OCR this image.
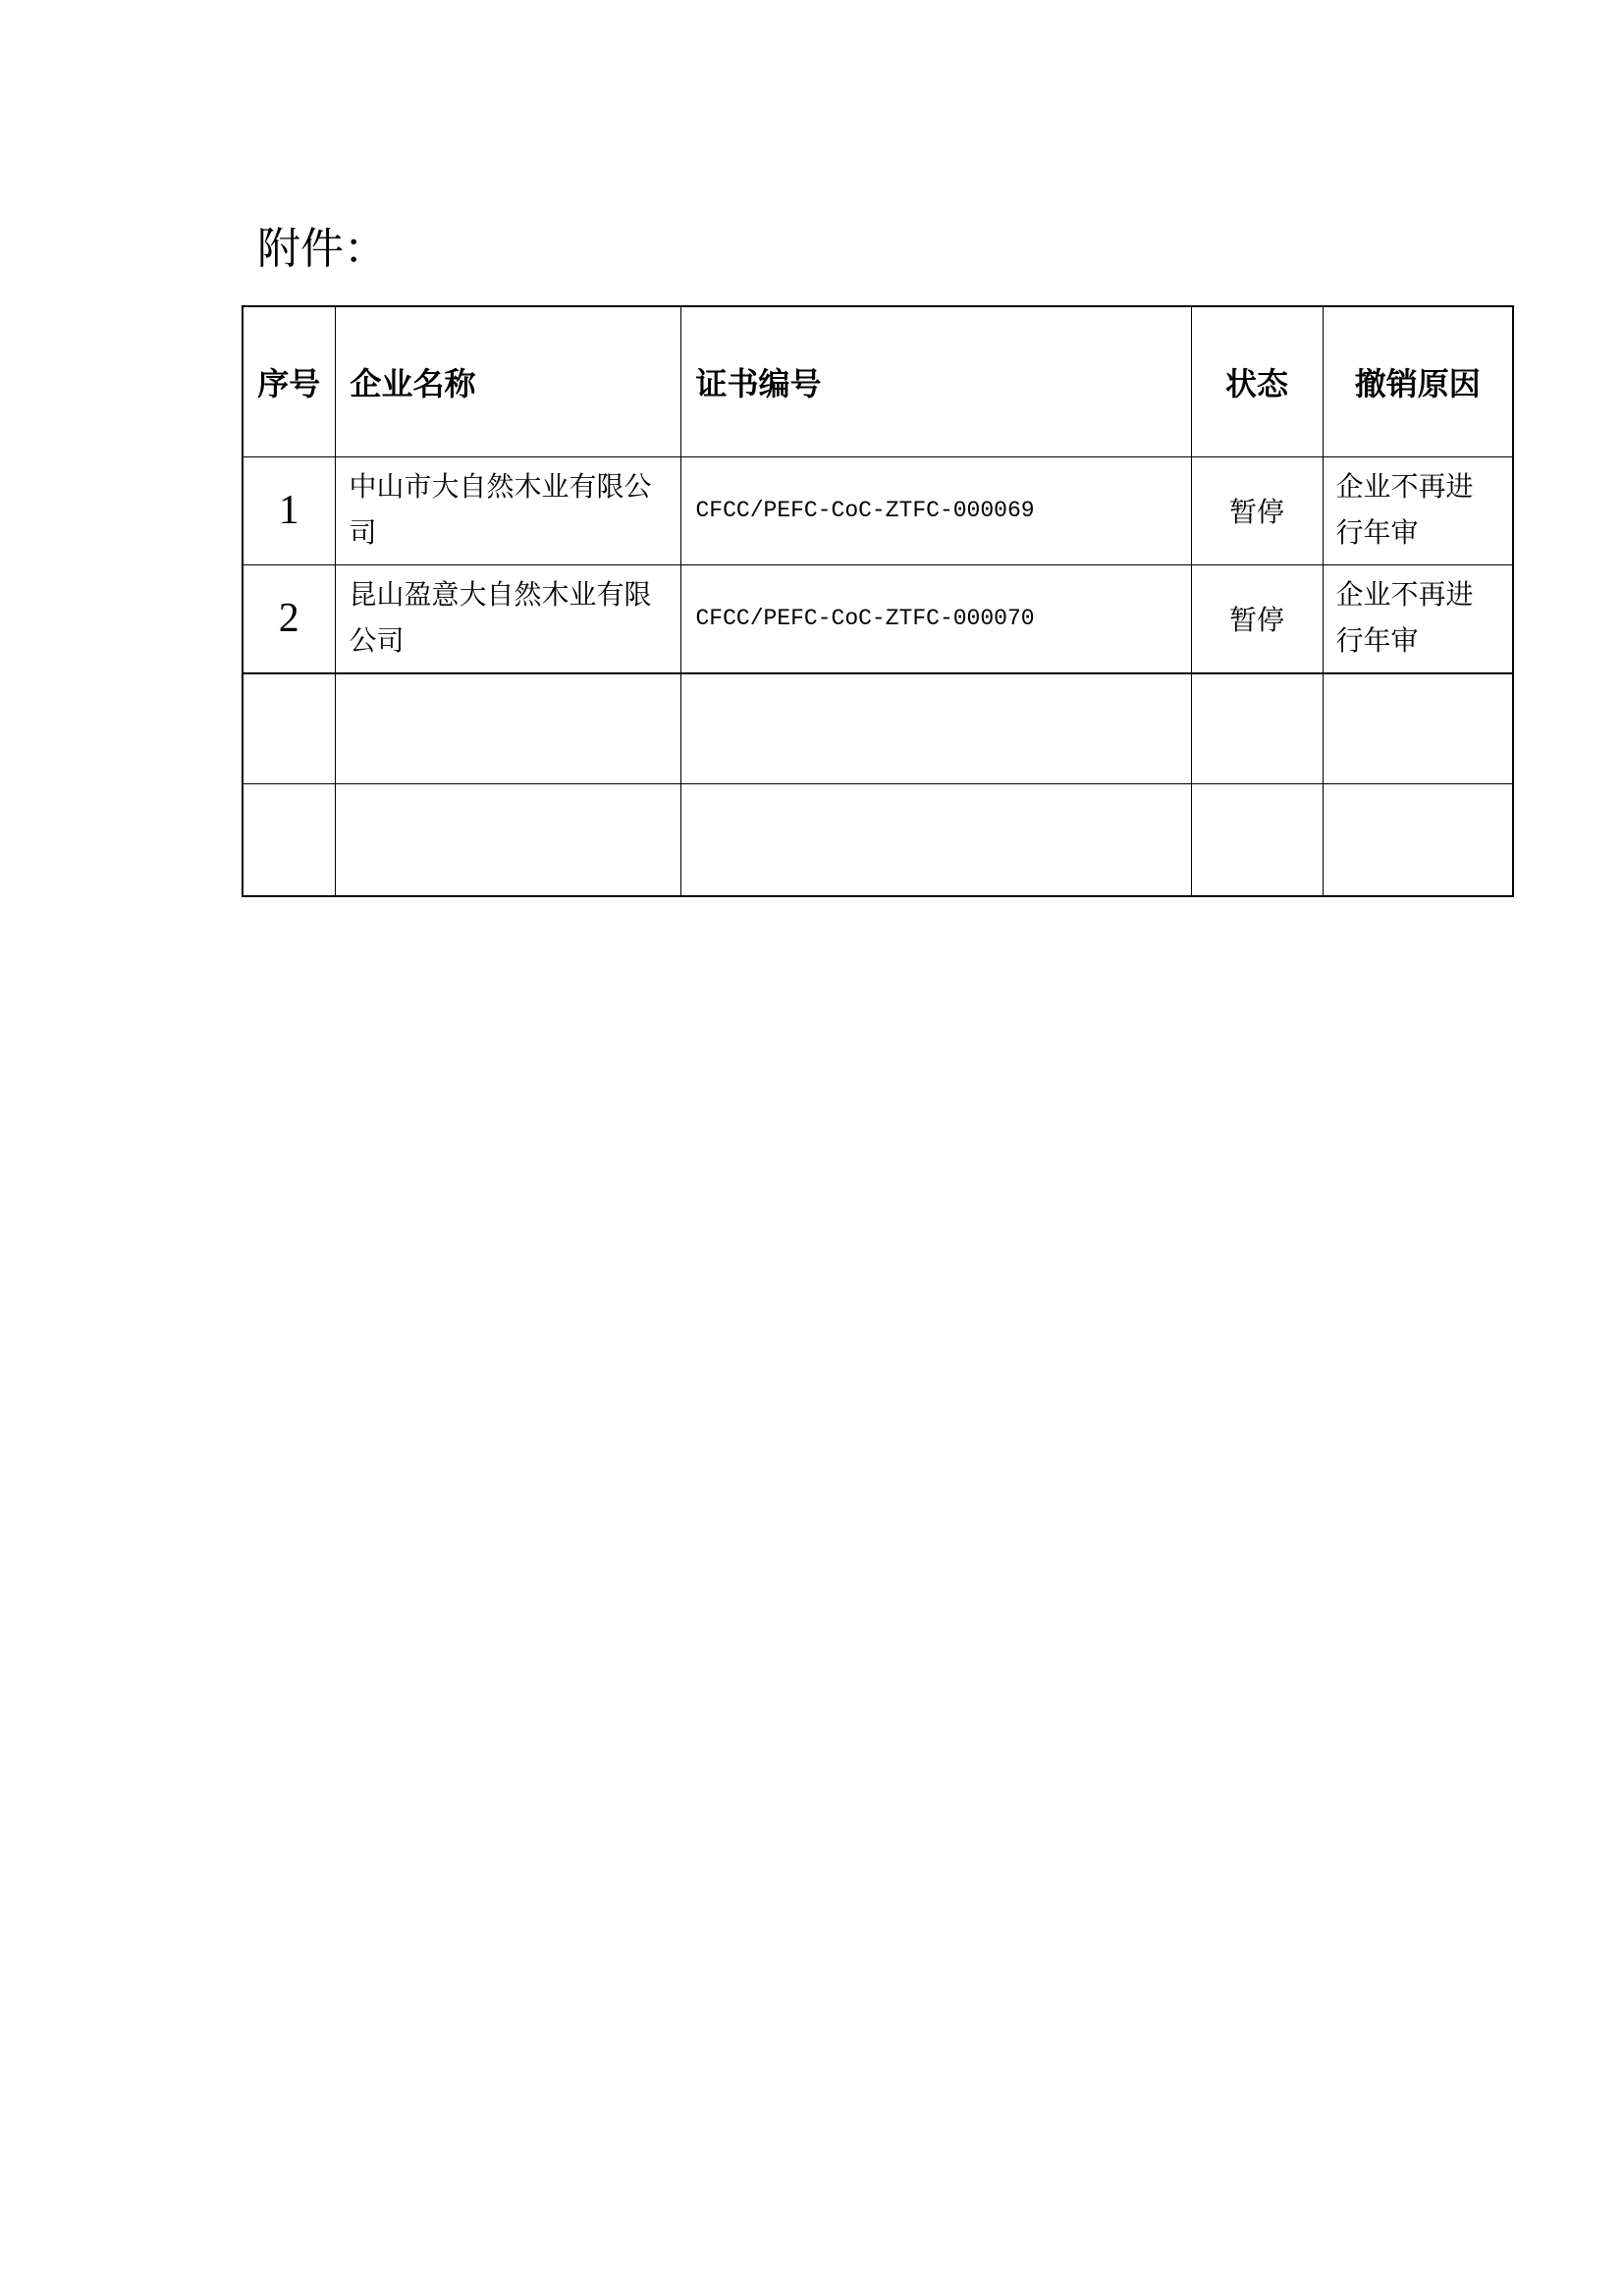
附件：
序号	企业名称	证书编号	状态	撤销原因
1	中山市大自然木业有限公司	CFCC/PEFC-CoC-ZTFC-000069	暂停	企业不再进行年审
2	昆山盈意大自然木业有限公司	CFCC/PEFC-CoC-ZTFC-000070	暂停	企业不再进行年审
